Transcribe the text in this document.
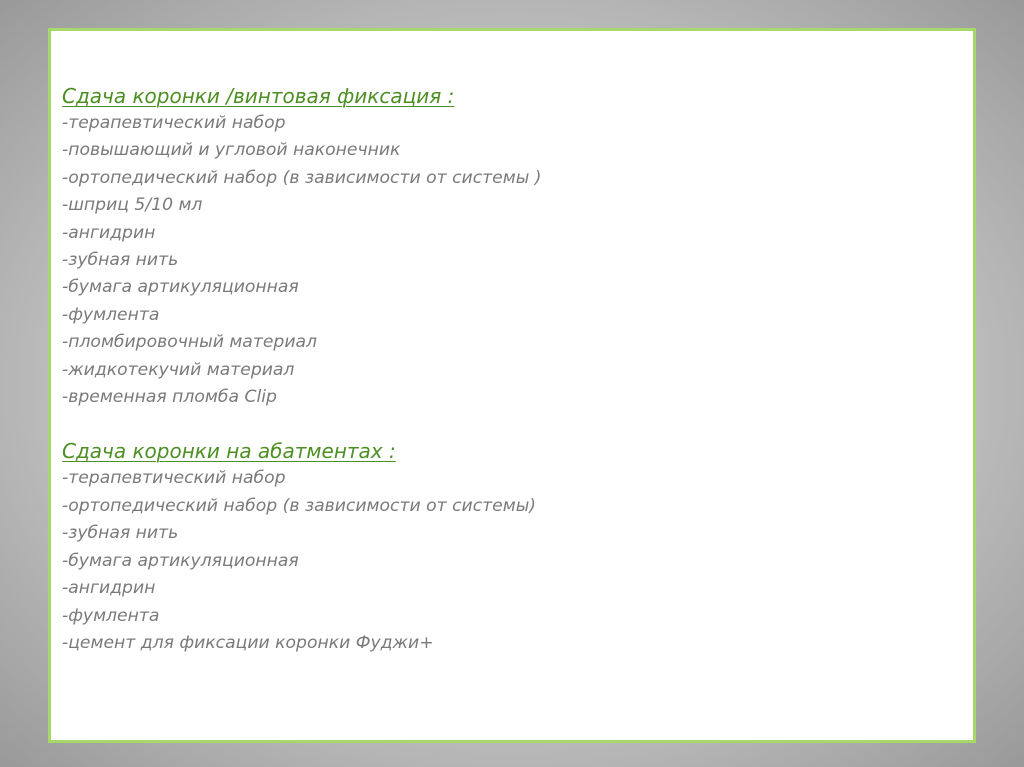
Сдача коронки /винтовая фиксация :
-терапевтический набор
-повышающий и угловой наконечник
-ортопедический набор (в зависимости от системы )
-шприц 5/10 мл
-ангидрин
-зубная нить
-бумага артикуляционная
-фумлента
-пломбировочный материал
-жидкотекучий материал
-временная пломба Clip
Сдача коронки на абатментах :
-терапевтический набор
-ортопедический набор (в зависимости от системы)
-зубная нить
-бумага артикуляционная
-ангидрин
-фумлента
-цемент для фиксации коронки Фуджи+
